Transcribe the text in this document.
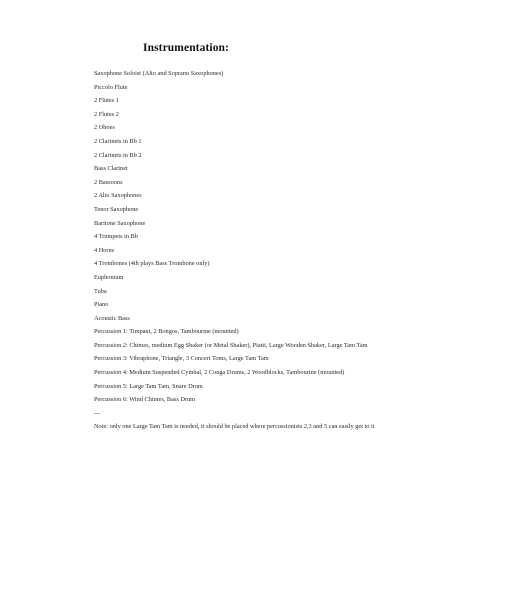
Instrumentation:
Saxophone Soloist (Alto and Soprano Saxophones)
Piccolo Flute
2 Flutes 1
2 Flutes 2
2 Oboes
2 Clarinets in Bb 1
2 Clarinets in Bb 2
Bass Clarinet
2 Bassoons
2 Alto Saxophones
Tenor Saxophone
Baritone Saxophone
4 Trumpets in Bb
4 Horns
4 Trombones (4th plays Bass Trombone only)
Euphonium
Tuba
Piano
Acoustic Bass
Percussion 1: Timpani, 2 Bongos, Tambourine (mounted)
Percussion 2: Chimes, medium Egg Shaker (or Metal Shaker), Piatti, Large Wooden Shaker, Large Tam Tam
Percussion 3: Vibraphone, Triangle, 3 Concert Toms, Large Tam Tam
Percussion 4: Medium Suspended Cymbal, 2 Conga Drums, 2 Woodblocks, Tambourine (mounted)
Percussion 5: Large Tam Tam, Snare Drum
Percussion 6: Wind Chimes, Bass Drum
---
Note: only one Large Tam Tam is needed, it should be placed where percussionists 2,3 and 5 can easily get to it
